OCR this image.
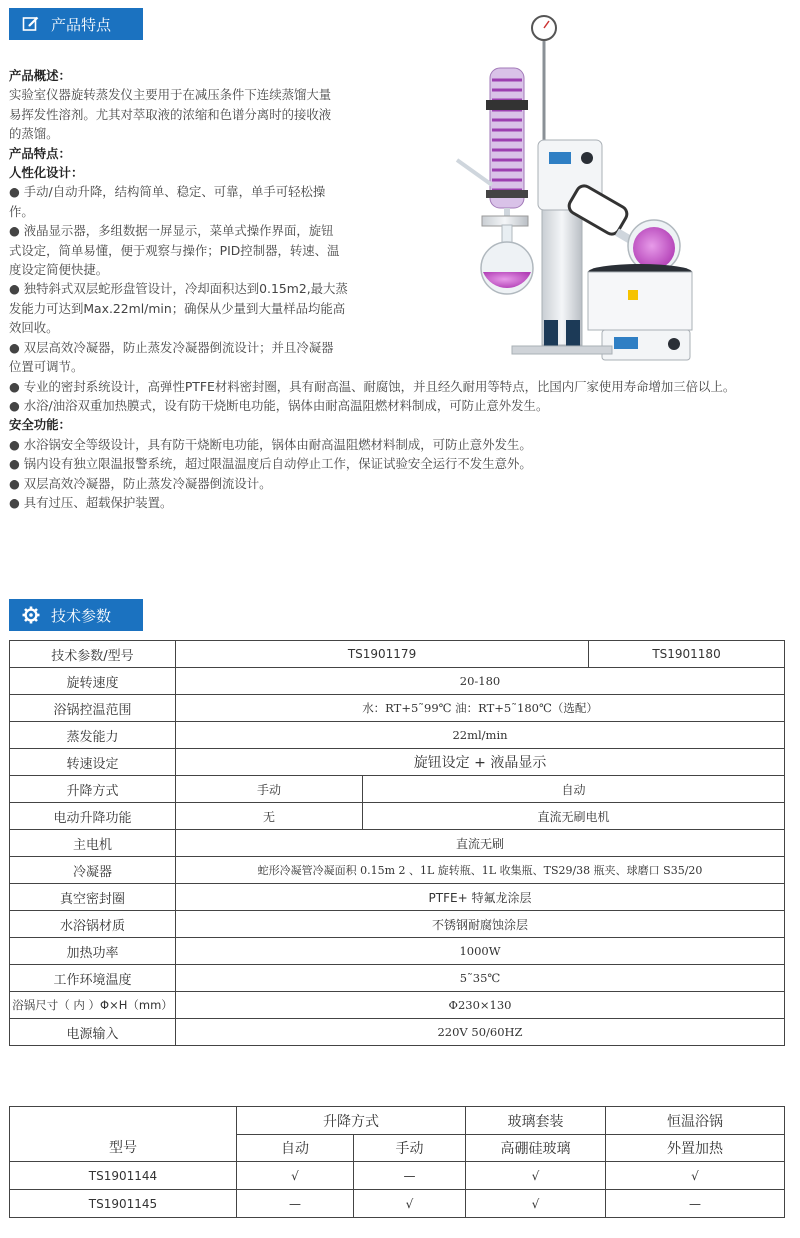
产品特点
产品概述：
实验室仪器旋转蒸发仪主要用于在减压条件下连续蒸馏大量
易挥发性溶剂。尤其对萃取液的浓缩和色谱分离时的接收液
的蒸馏。
产品特点：
人性化设计：
● 手动/自动升降，结构简单、稳定、可靠，单手可轻松操
作。
● 液晶显示器，多组数据一屏显示，菜单式操作界面，旋钮
式设定，简单易懂，便于观察与操作；PID控制器，转速、温
度设定简便快捷。
● 独特斜式双层蛇形盘管设计，冷却面积达到0.15m2,最大蒸
发能力可达到Max.22ml/min；确保从少量到大量样品均能高
效回收。
● 双层高效冷凝器，防止蒸发冷凝器倒流设计；并且冷凝器
位置可调节。
● 专业的密封系统设计，高弹性PTFE材料密封圈，具有耐高温、耐腐蚀，并且经久耐用等特点，比国内厂家使用寿命增加三倍以上。
● 水浴/油浴双重加热膜式，设有防干烧断电功能，锅体由耐高温阻燃材料制成，可防止意外发生。
安全功能：
● 水浴锅安全等级设计，具有防干烧断电功能，锅体由耐高温阻燃材料制成，可防止意外发生。
● 锅内设有独立限温报警系统，超过限温温度后自动停止工作，保证试验安全运行不发生意外。
● 双层高效冷凝器，防止蒸发冷凝器倒流设计。
● 具有过压、超载保护装置。
技术参数
技术参数/型号	TS1901179		TS1901180
旋转速度	20-180		
浴锅控温范围	水：RT+5˜99℃ 油：RT+5˜180℃（选配）		
蒸发能力	22ml/min		
转速设定	旋钮设定 + 液晶显示		
升降方式	手动	自动	
电动升降功能	无	直流无刷电机	
主电机	直流无刷		
冷凝器	蛇形冷凝管冷凝面积 0.15m 2 、1L 旋转瓶、1L 收集瓶、TS29/38 瓶夹、球磨口 S35/20		
真空密封圈	PTFE+ 特氟龙涂层		
水浴锅材质	不锈钢耐腐蚀涂层		
加热功率	1000W		
工作环境温度	5˜35℃		
浴锅尺寸（ 内 ）Φ×H（mm）	Φ230×130		
电源输入	220V 50/60HZ		
型号	升降方式		玻璃套装	恒温浴锅
	自动	手动	高硼硅玻璃	外置加热
TS1901144	√	—	√	√
TS1901145	—	√	√	—
